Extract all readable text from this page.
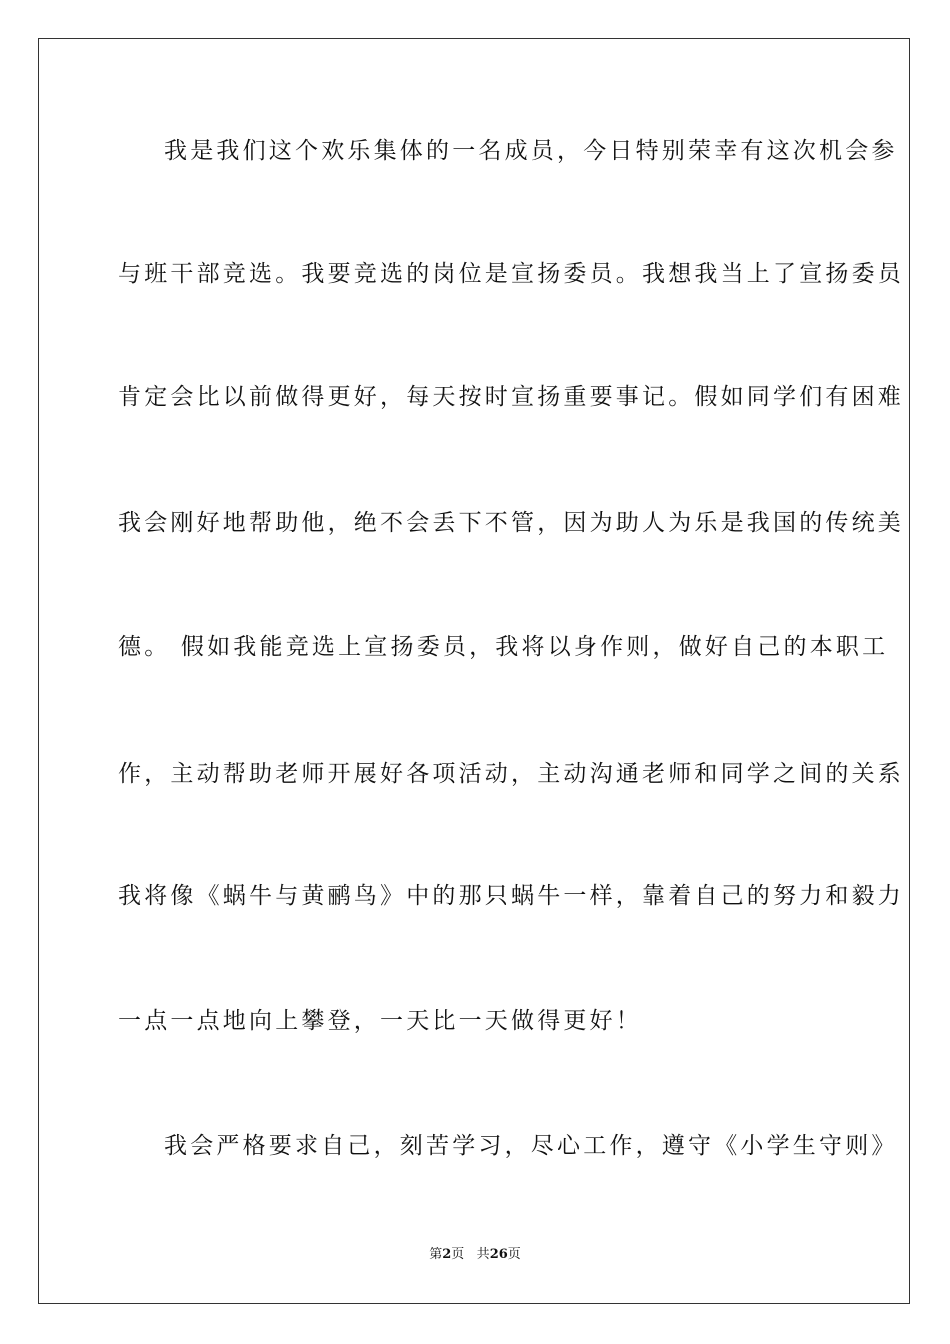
我是我们这个欢乐集体的一名成员，今日特别荣幸有这次机会参
与班干部竞选。我要竞选的岗位是宣扬委员。我想我当上了宣扬委员
肯定会比以前做得更好，每天按时宣扬重要事记。假如同学们有困难
我会刚好地帮助他，绝不会丢下不管，因为助人为乐是我国的传统美
德。 假如我能竞选上宣扬委员，我将以身作则，做好自己的本职工
作，主动帮助老师开展好各项活动，主动沟通老师和同学之间的关系
我将像《蜗牛与黄鹂鸟》中的那只蜗牛一样，靠着自己的努力和毅力
一点一点地向上攀登，一天比一天做得更好！
我会严格要求自己，刻苦学习，尽心工作，遵守《小学生守则》
第2页 共26页
